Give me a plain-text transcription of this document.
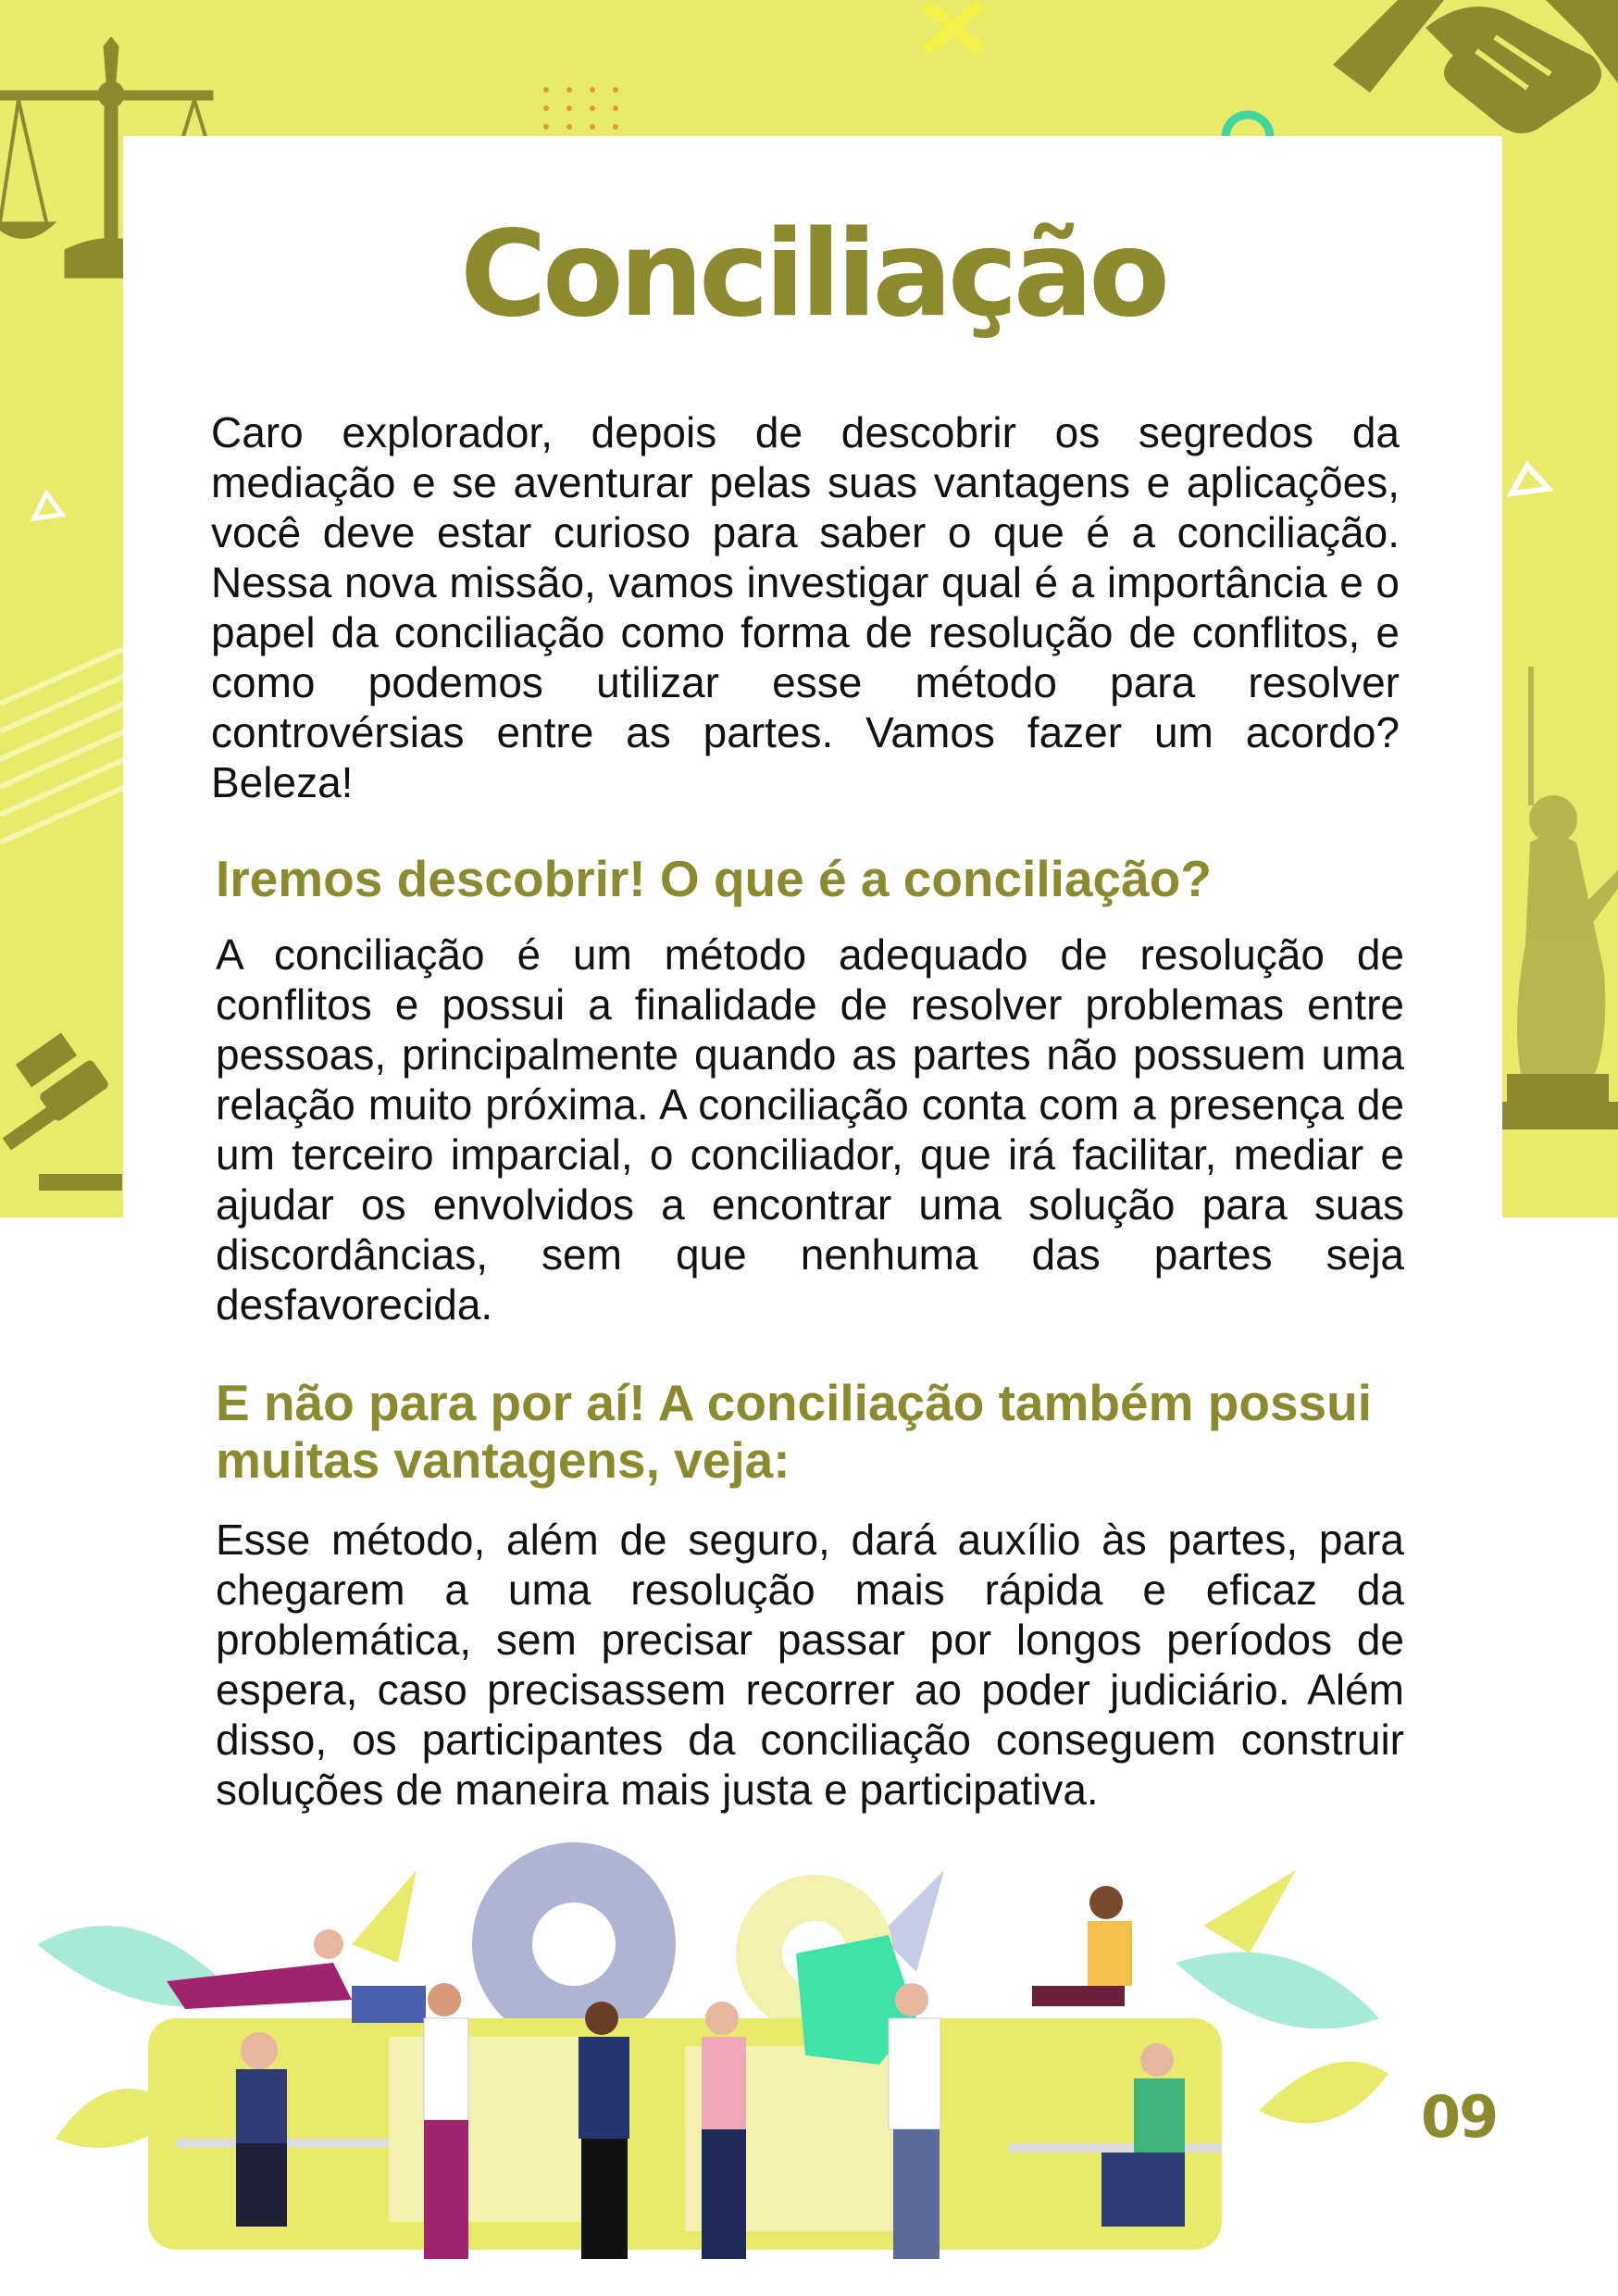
Conciliação

Caro explorador, depois de descobrir os segredos da mediação e se aventurar pelas suas vantagens e aplicações, você deve estar curioso para saber o que é a conciliação. Nessa nova missão, vamos investigar qual é a importância e o papel da conciliação como forma de resolução de conflitos, e como podemos utilizar esse método para resolver controvérsias entre as partes. Vamos fazer um acordo? Beleza!

Iremos descobrir! O que é a conciliação?

A conciliação é um método adequado de resolução de conflitos e possui a finalidade de resolver problemas entre pessoas, principalmente quando as partes não possuem uma relação muito próxima. A conciliação conta com a presença de um terceiro imparcial, o conciliador, que irá facilitar, mediar e ajudar os envolvidos a encontrar uma solução para suas discordâncias, sem que nenhuma das partes seja desfavorecida.

E não para por aí! A conciliação também possui muitas vantagens, veja:

Esse método, além de seguro, dará auxílio às partes, para chegarem a uma resolução mais rápida e eficaz da problemática, sem precisar passar por longos períodos de espera, caso precisassem recorrer ao poder judiciário. Além disso, os participantes da conciliação conseguem construir soluções de maneira mais justa e participativa.

09
